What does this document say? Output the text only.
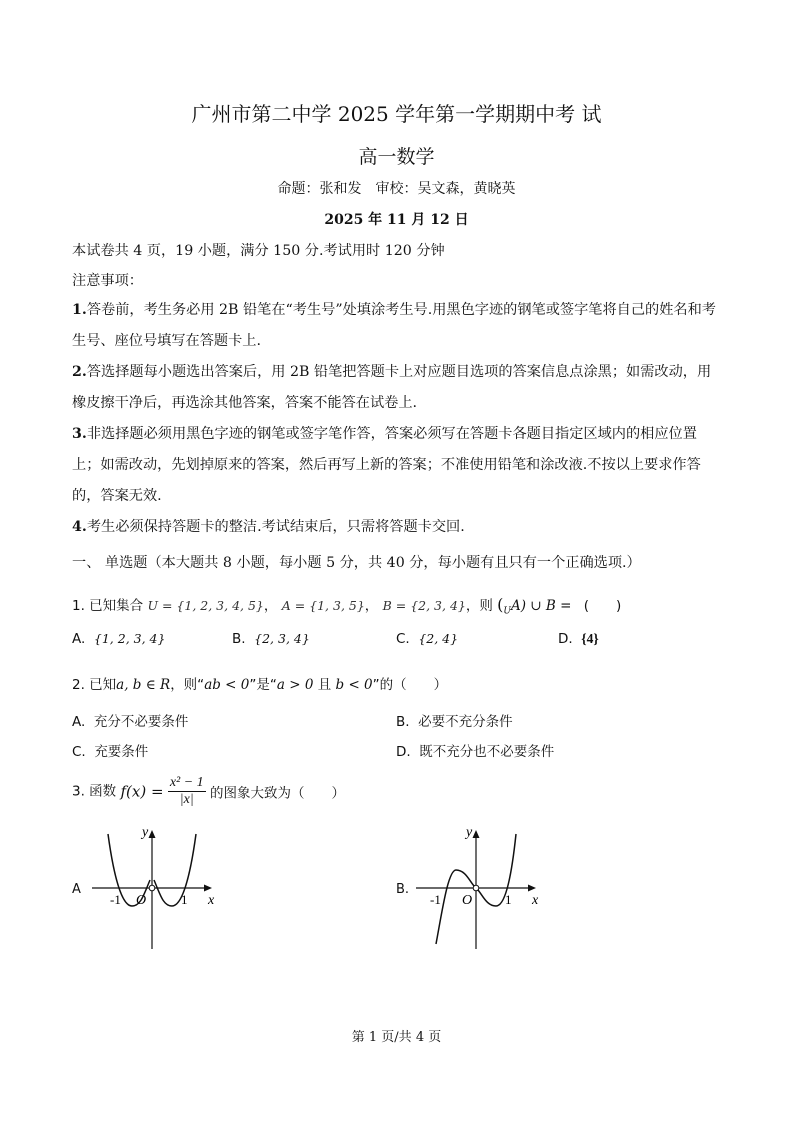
广州市第二中学 2025 学年第一学期期中考 试
高一数学
命题：张和发　审校：吴文森，黄晓英
2025 年 11 月 12 日
本试卷共 4 页，19 小题，满分 150 分.考试用时 120 分钟
注意事项：

1.答卷前，考生务必用 2B 铅笔在“考生号”处填涂考生号.用黑色字迹的钢笔或签字笔将自己的姓名和考生号、座位号填写在答题卡上.

2.答选择题每小题选出答案后，用 2B 铅笔把答题卡上对应题目选项的答案信息点涂黑；如需改动，用橡皮擦干净后，再选涂其他答案，答案不能答在试卷上.

3.非选择题必须用黑色字迹的钢笔或签字笔作答，答案必须写在答题卡各题目指定区域内的相应位置上；如需改动，先划掉原来的答案，然后再写上新的答案；不准使用铅笔和涂改液.不按以上要求作答的，答案无效.

4.考生必须保持答题卡的整洁.考试结束后，只需将答题卡交回.

一、 单选题（本大题共 8 小题，每小题 5 分，共 40 分，每小题有且只有一个正确选项.）
1. 已知集合 U = {1, 2, 3, 4, 5}， A = {1, 3, 5}， B = {2, 3, 4}，则 $(_UA)$ ∪ B = (　　)
A. {1, 2, 3, 4}	B. {2, 3, 4}	C. {2, 4}	D. {4}
2. 已知a, b ∈ R，则“ab < 0”是“a > 0 且 b < 0”的（　　）
A. 充分不必要条件	B. 必要不充分条件
C. 充要条件	D. 既不充分也不必要条件
3. 函数 $f(x) = \frac{\text{x² − 1}}{|x|}$ 的图象大致为（　　）
A
y
x
O
-1	1
B.
y
x
O
-1	1
第 1 页/共 4 页
